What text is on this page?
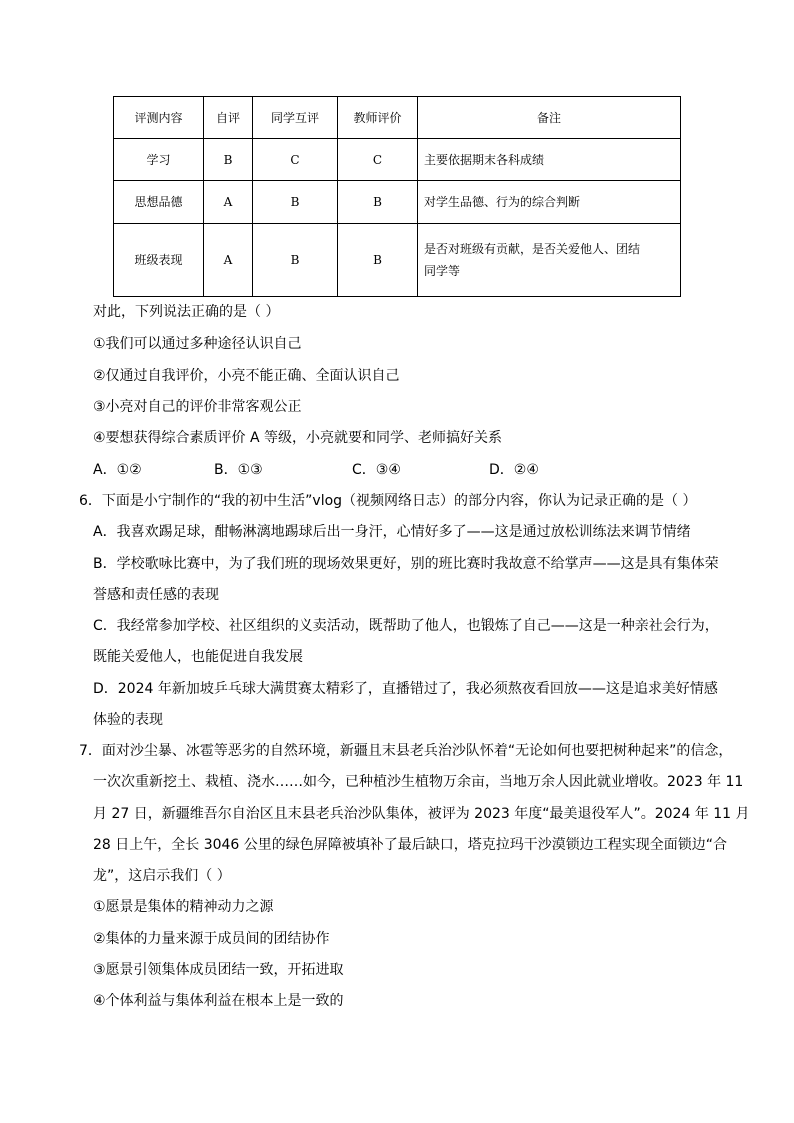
评测内容	自评	同学互评	教师评价	备注
学习	B	C	C	主要依据期末各科成绩
思想品德	A	B	B	对学生品德、行为的综合判断
班级表现	A	B	B	是否对班级有贡献，是否关爱他人、团结
同学等

对此，下列说法正确的是（ ）

①我们可以通过多种途径认识自己

②仅通过自我评价，小亮不能正确、全面认识自己

③小亮对自己的评价非常客观公正

④要想获得综合素质评价 A 等级，小亮就要和同学、老师搞好关系

A．①②	B．①③	C．③④	D．②④

6．下面是小宁制作的“我的初中生活”vlog（视频网络日志）的部分内容，你认为记录正确的是（ ）

A．我喜欢踢足球，酣畅淋漓地踢球后出一身汗，心情好多了——这是通过放松训练法来调节情绪

B．学校歌咏比赛中，为了我们班的现场效果更好，别的班比赛时我故意不给掌声——这是具有集体荣

誉感和责任感的表现

C．我经常参加学校、社区组织的义卖活动，既帮助了他人，也锻炼了自己——这是一种亲社会行为，

既能关爱他人，也能促进自我发展

D．2024 年新加坡乒乓球大满贯赛太精彩了，直播错过了，我必须熬夜看回放——这是追求美好情感

体验的表现

7．面对沙尘暴、冰雹等恶劣的自然环境，新疆且末县老兵治沙队怀着“无论如何也要把树种起来”的信念，

一次次重新挖土、栽植、浇水……如今，已种植沙生植物万余亩，当地万余人因此就业增收。2023 年 11

月 27 日，新疆维吾尔自治区且末县老兵治沙队集体，被评为 2023 年度“最美退役军人”。2024 年 11 月

28 日上午，全长 3046 公里的绿色屏障被填补了最后缺口，塔克拉玛干沙漠锁边工程实现全面锁边“合

龙”，这启示我们（ ）

①愿景是集体的精神动力之源

②集体的力量来源于成员间的团结协作

③愿景引领集体成员团结一致，开拓进取

④个体利益与集体利益在根本上是一致的
